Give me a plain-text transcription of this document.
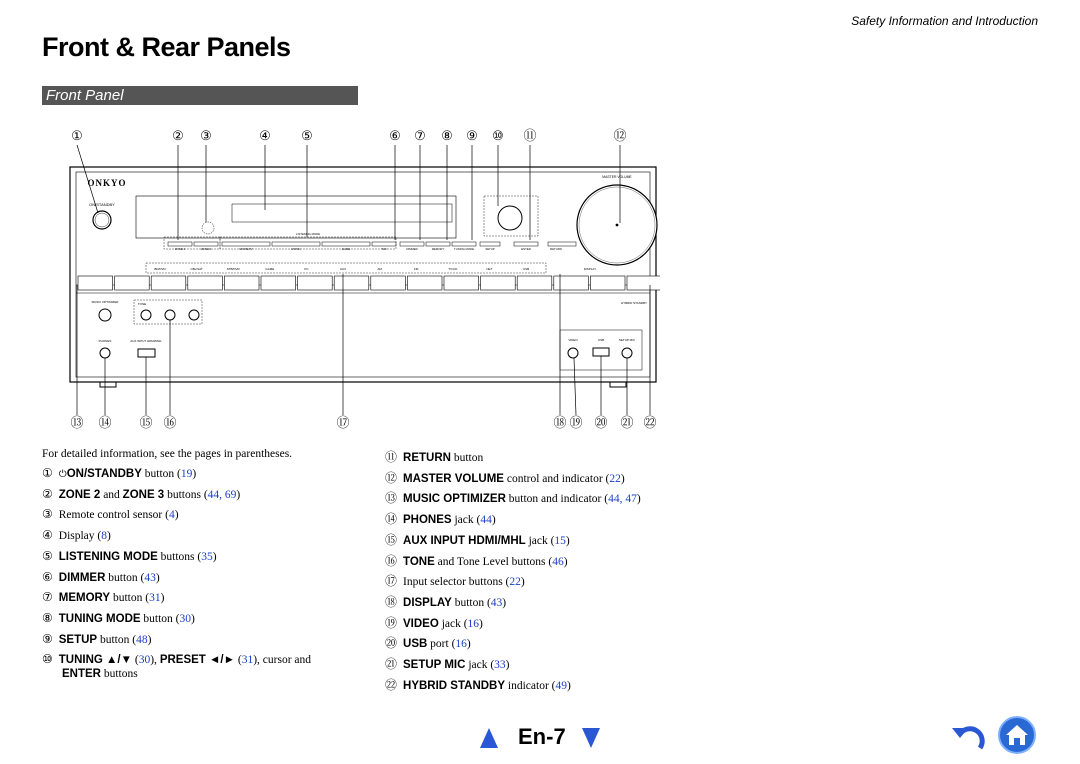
Safety Information and Introduction
Front & Rear Panels
Front Panel
①	② ③	④ ⑤	⑥ ⑦ ⑧ ⑨ ⑩ ⑪	⑫
⑬ ⑭ ⑮ ⑯	⑰	⑱ ⑲ ⑳ ㉑ ㉒
ONKYO
ON/STANDBY
ZONE 2	ZONE 3	MOVIE/TV	MUSIC	GAME	THX
LISTENING MODE
DIMMER	MEMORY	TUNING MODE	SETUP	ENTER	RETURN
MASTER VOLUME
BD/DVD	CBL/SAT	STB/DVR	GAME	PC	AUX	AM	FM	TV/CD	NET	USB	DISPLAY
MUSIC OPTIMIZER	TONE	HYBRID STANDBY
PHONES	AUX INPUT HDMI/MHL	VIDEO	USB	SETUP MIC
For detailed information, see the pages in parentheses.
① ⏻ON/STANDBY button (19)
② ZONE 2 and ZONE 3 buttons (44, 69)
③ Remote control sensor (4)
④ Display (8)
⑤ LISTENING MODE buttons (35)
⑥ DIMMER button (43)
⑦ MEMORY button (31)
⑧ TUNING MODE button (30)
⑨ SETUP button (48)
⑩ TUNING ▲/▼ (30), PRESET ◄/► (31), cursor and
ENTER buttons
⑪ RETURN button
⑫ MASTER VOLUME control and indicator (22)
⑬ MUSIC OPTIMIZER button and indicator (44, 47)
⑭ PHONES jack (44)
⑮ AUX INPUT HDMI/MHL jack (15)
⑯ TONE and Tone Level buttons (46)
⑰ Input selector buttons (22)
⑱ DISPLAY button (43)
⑲ VIDEO jack (16)
⑳ USB port (16)
㉑ SETUP MIC jack (33)
㉒ HYBRID STANDBY indicator (49)
En-7
